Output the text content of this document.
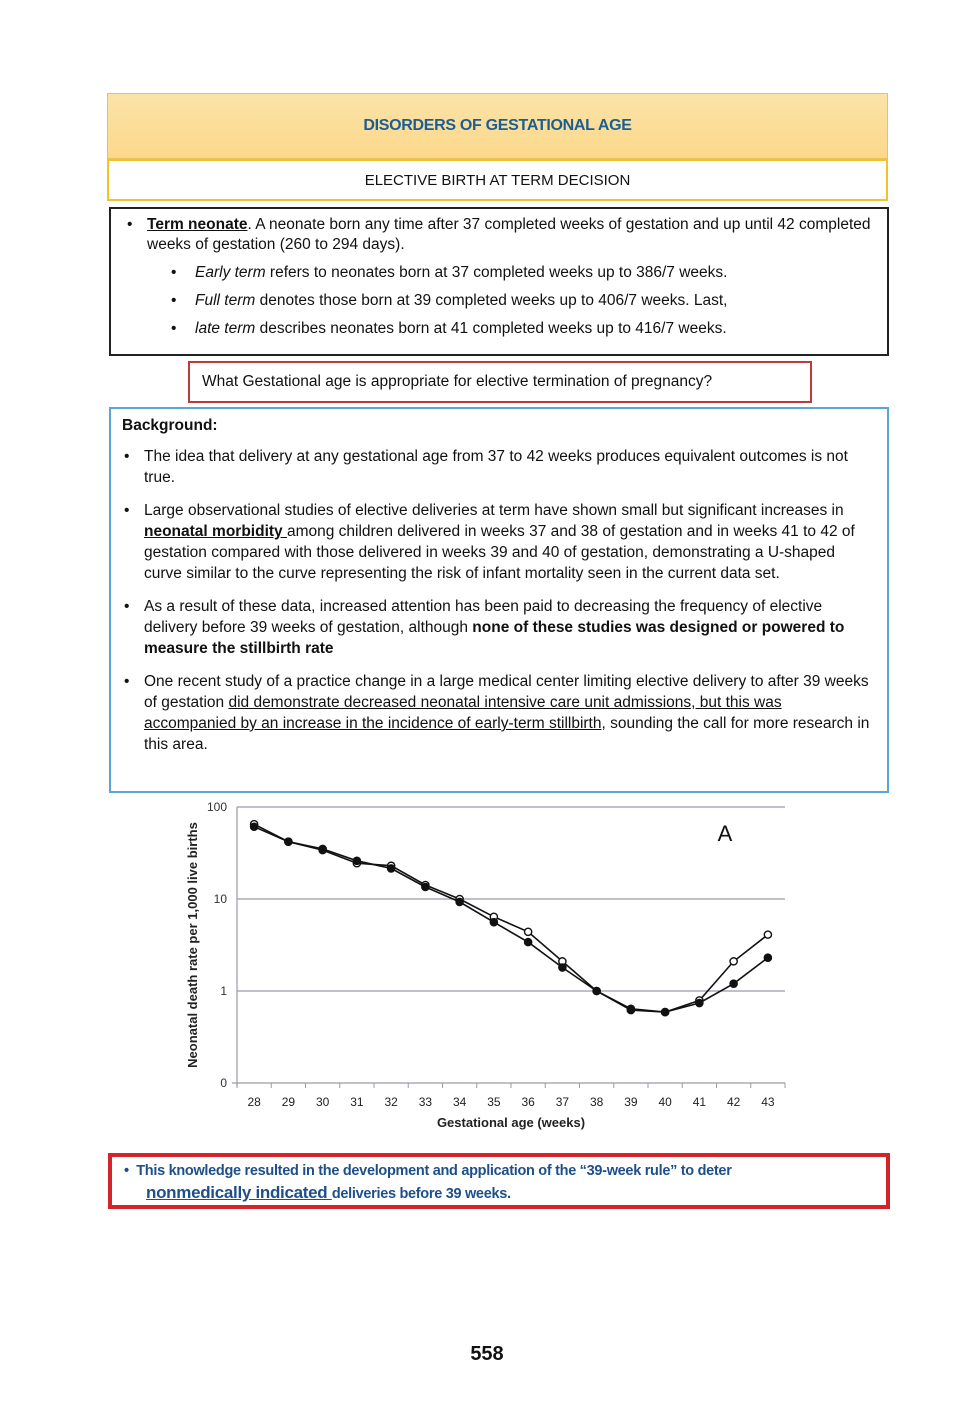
DISORDERS OF GESTATIONAL AGE
ELECTIVE BIRTH AT TERM DECISION
• Term neonate. A neonate born any time after 37 completed weeks of gestation and up until 42 completed weeks of gestation (260 to 294 days).
• Early term refers to neonates born at 37 completed weeks up to 386/7 weeks.
• Full term denotes those born at 39 completed weeks up to 406/7 weeks. Last,
• late term describes neonates born at 41 completed weeks up to 416/7 weeks.
What Gestational age is appropriate for elective termination of pregnancy?
Background:
• The idea that delivery at any gestational age from 37 to 42 weeks produces equivalent outcomes is not true.
• Large observational studies of elective deliveries at term have shown small but significant increases in neonatal morbidity among children delivered in weeks 37 and 38 of gestation and in weeks 41 to 42 of gestation compared with those delivered in weeks 39 and 40 of gestation, demonstrating a U-shaped curve similar to the curve representing the risk of infant mortality seen in the current data set.
• As a result of these data, increased attention has been paid to decreasing the frequency of elective delivery before 39 weeks of gestation, although none of these studies was designed or powered to measure the stillbirth rate
• One recent study of a practice change in a large medical center limiting elective delivery to after 39 weeks of gestation did demonstrate decreased neonatal intensive care unit admissions, but this was accompanied by an increase in the incidence of early-term stillbirth, sounding the call for more research in this area.
100
10
1
0
28 29 30 31 32 33 34 35 36 37 38 39 40 41 42 43
Gestational age (weeks)
Neonatal death rate per 1,000 live births	A
•  This knowledge resulted in the development and application of the “39-week rule” to deter
nonmedically indicated deliveries before 39 weeks.
558
